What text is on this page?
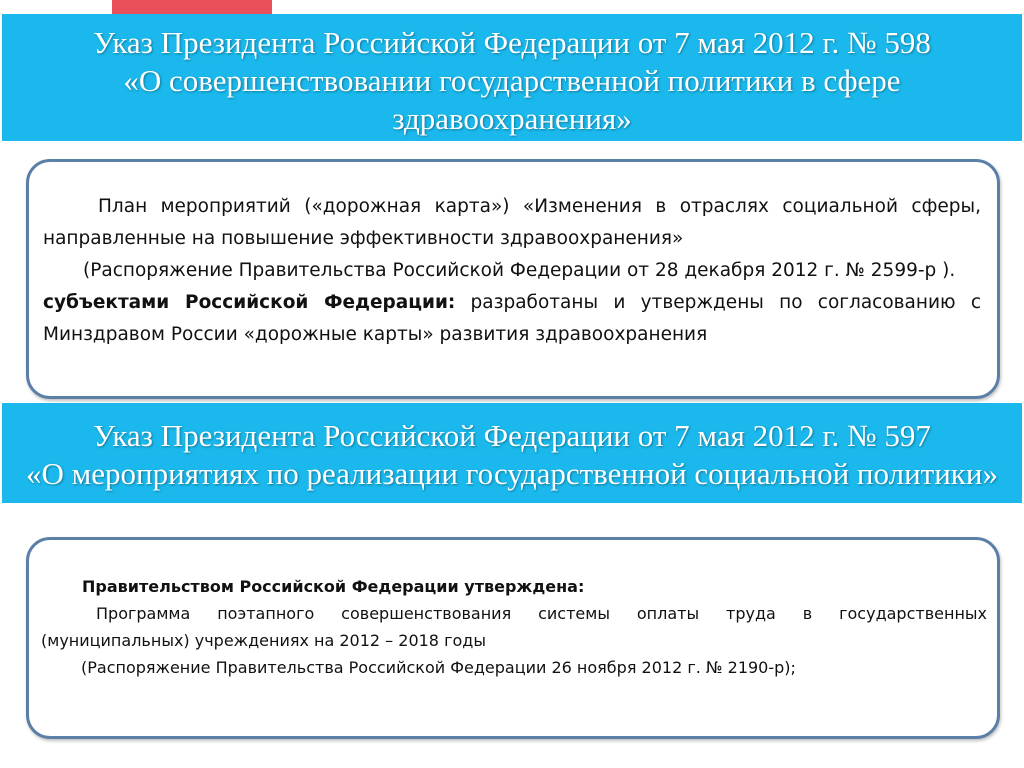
Указ Президента Российской Федерации от 7 мая 2012 г. № 598
«О совершенствовании государственной политики в сфере
здравоохранения»

План мероприятий («дорожная карта») «Изменения в отраслях социальной сферы, направленные на повышение эффективности здравоохранения»

(Распоряжение Правительства Российской Федерации от 28 декабря 2012 г. № 2599-р ).

субъектами Российской Федерации: разработаны и утверждены по согласованию с Минздравом России «дорожные карты» развития здравоохранения

Указ Президента Российской Федерации от 7 мая 2012 г. № 597
«О мероприятиях по реализации государственной социальной политики»

Правительством Российской Федерации утверждена:

Программа поэтапного совершенствования системы оплаты труда в государственных (муниципальных) учреждениях на 2012 – 2018 годы

(Распоряжение Правительства Российской Федерации 26 ноября 2012 г. № 2190-р);
